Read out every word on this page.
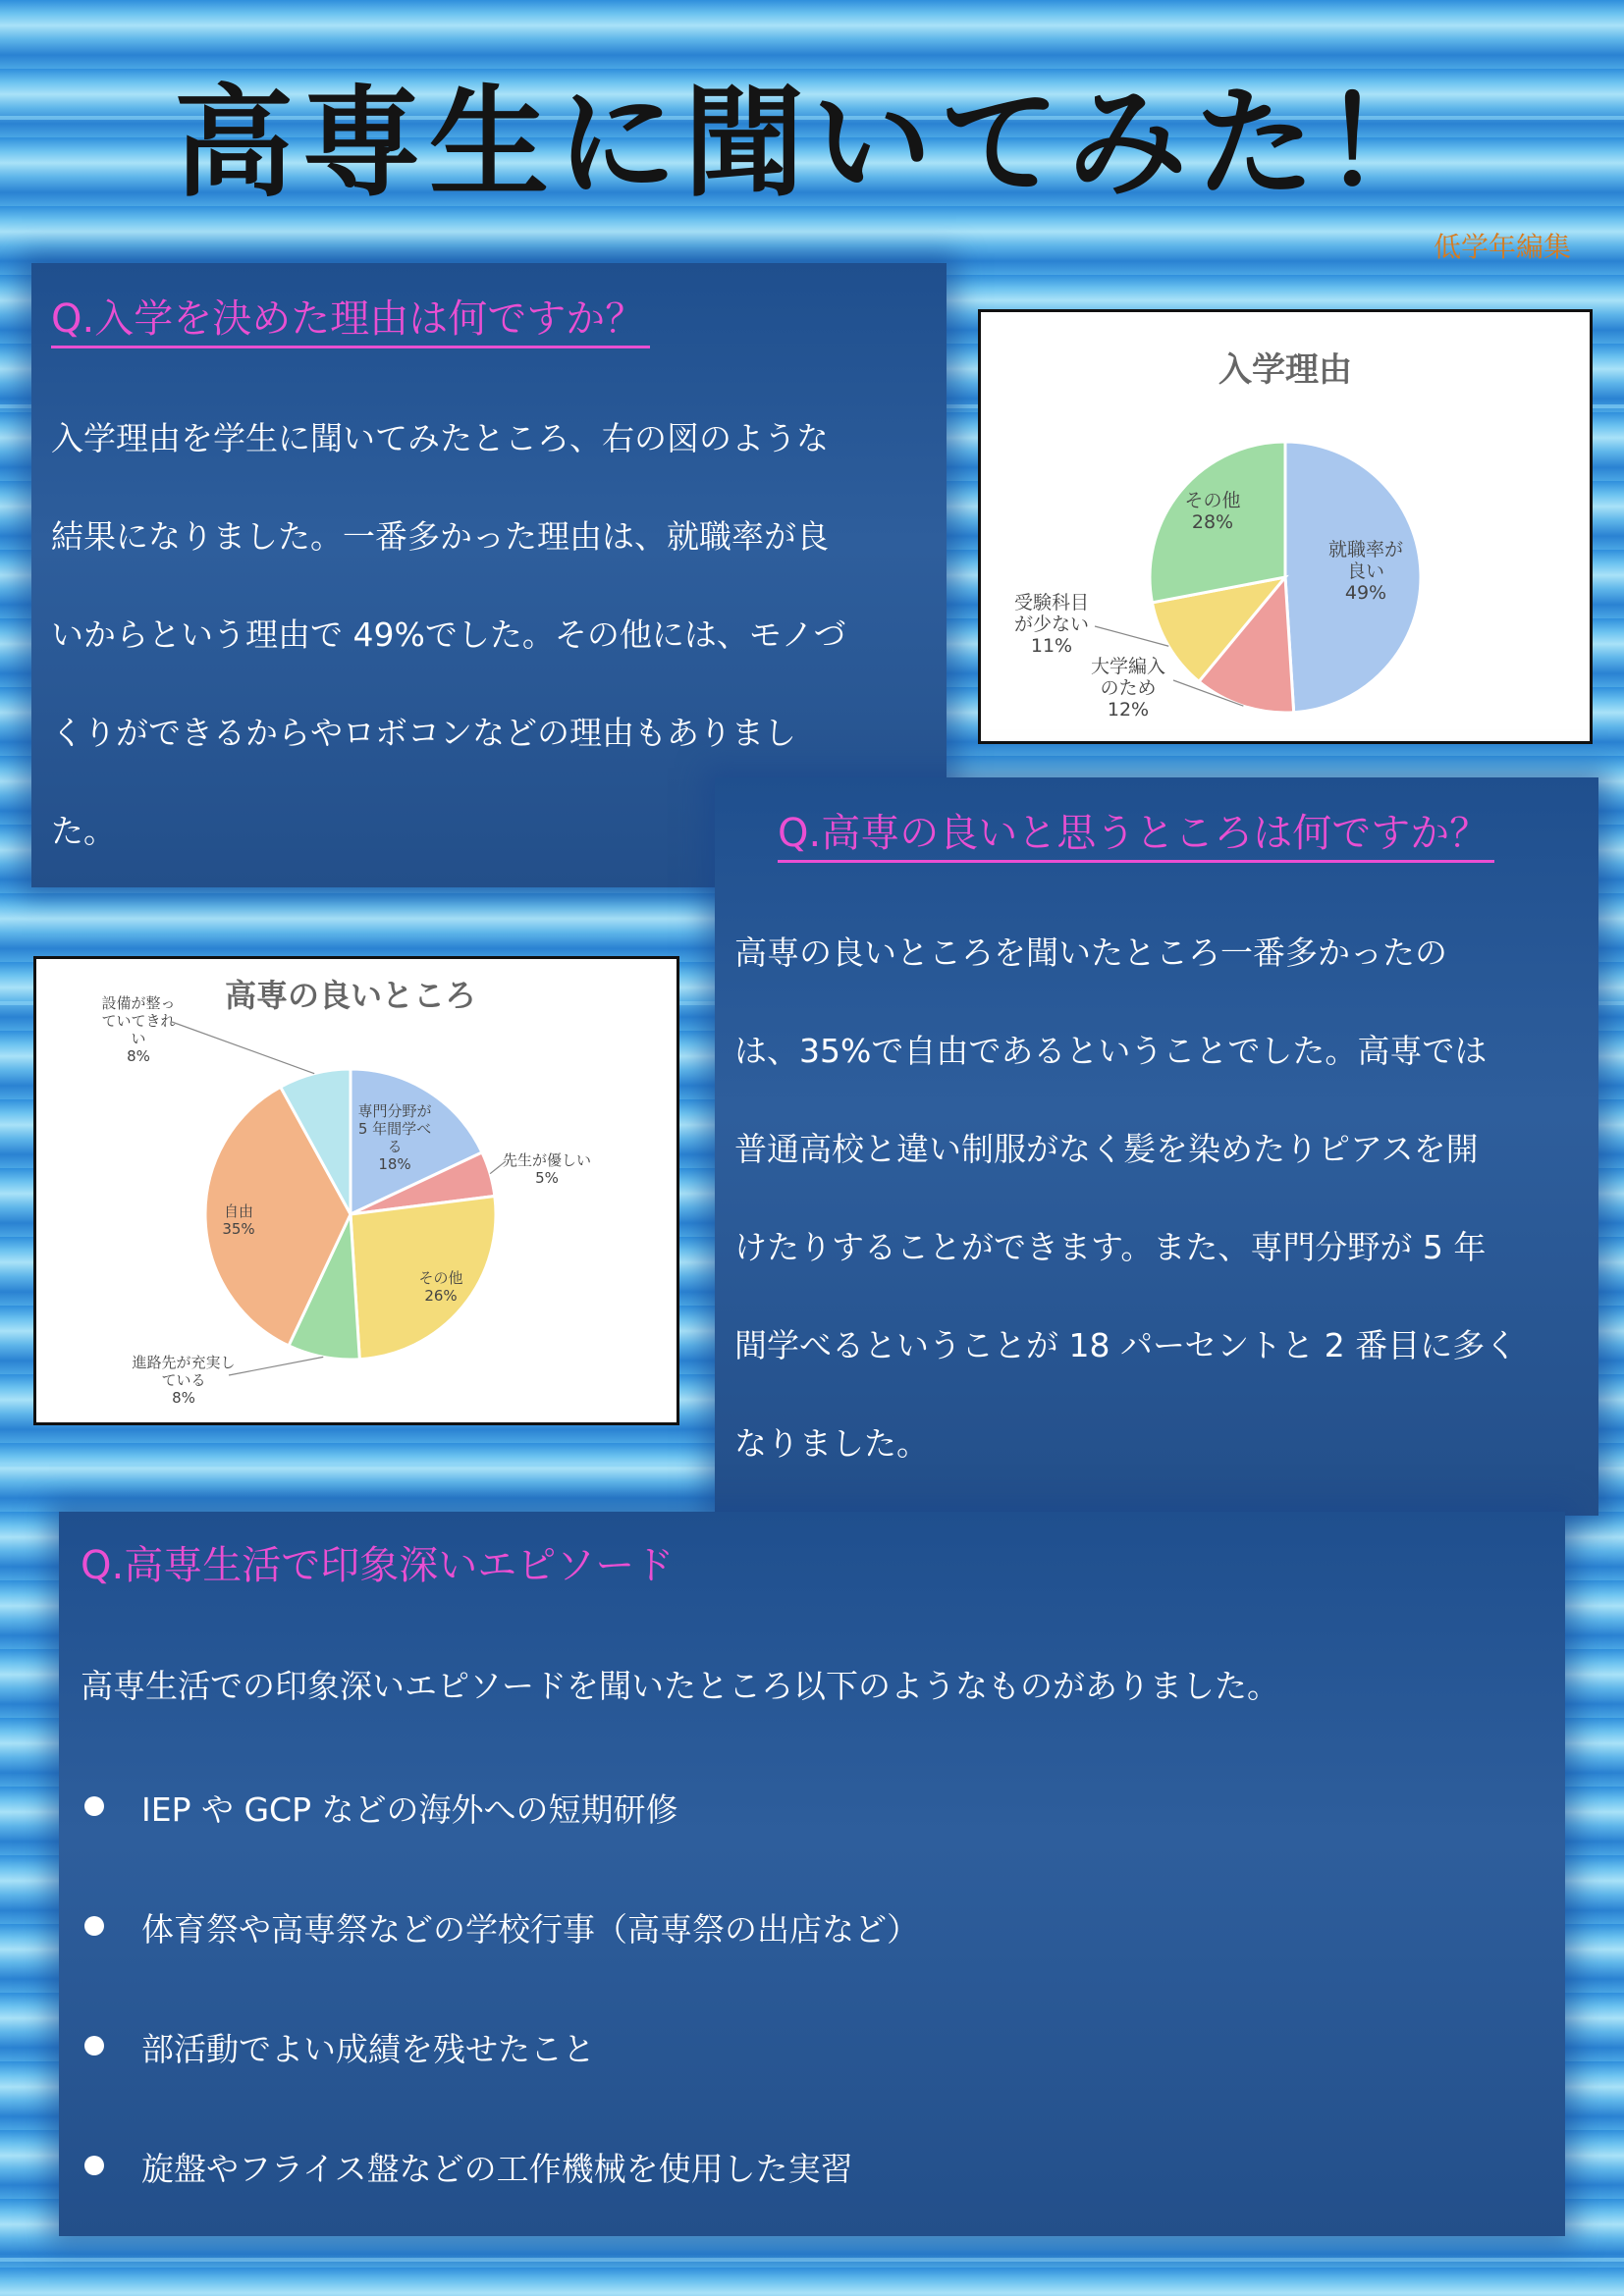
高専生に聞いてみた！
低学年編集
Q.入学を決めた理由は何ですか？
入学理由を学生に聞いてみたところ、右の図のような
結果になりました。一番多かった理由は、就職率が良
いからという理由で 49%でした。その他には、モノづ
くりができるからやロボコンなどの理由もありまし
た。
入学理由
就職率が
良い
49%
大学編入
のため
12%
受験科目
が少ない
11%
その他
28%
Q.高専の良いと思うところは何ですか？
高専の良いところを聞いたところ一番多かったの
は、35%で自由であるということでした。高専では
普通高校と違い制服がなく髪を染めたりピアスを開
けたりすることができます。また、専門分野が 5 年
間学べるということが 18 パーセントと 2 番目に多く
なりました。
高専の良いところ
専門分野が
5 年間学べ
る
18%	先生が優しい
5%
その他
26%
進路先が充実し
ている
8%
自由
35%
設備が整っ
ていてきれ
い
8%
Q.高専生活で印象深いエピソード
高専生活での印象深いエピソードを聞いたところ以下のようなものがありました。
IEP や GCP などの海外への短期研修
体育祭や高専祭などの学校行事（高専祭の出店など）
部活動でよい成績を残せたこと
旋盤やフライス盤などの工作機械を使用した実習
